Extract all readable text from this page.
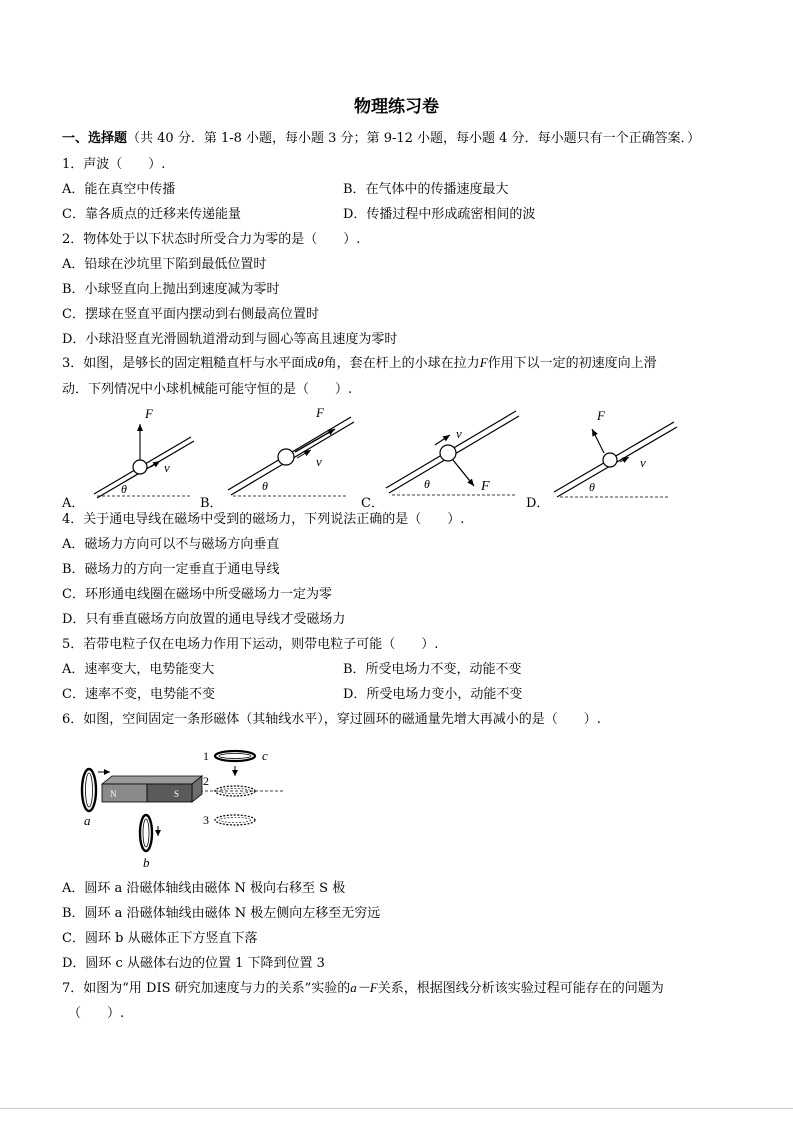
物理练习卷
一、选择题（共 40 分．第 1-8 小题，每小题 3 分；第 9-12 小题，每小题 4 分．每小题只有一个正确答案．）
1．声波（　　）.
A．能在真空中传播	B．在气体中的传播速度最大
C．靠各质点的迁移来传递能量	D．传播过程中形成疏密相间的波
2．物体处于以下状态时所受合力为零的是（　　）.
A．铅球在沙坑里下陷到最低位置时
B．小球竖直向上抛出到速度减为零时
C．摆球在竖直平面内摆动到右侧最高位置时
D．小球沿竖直光滑圆轨道滑动到与圆心等高且速度为零时
3．如图，是够长的固定粗糙直杆与水平面成θ角，套在杆上的小球在拉力F作用下以一定的初速度向上滑
动．下列情况中小球机械能可能守恒的是（　　）.
A．	B．	C．	D．
F
v
θ
F
v
θ
v
F
θ
F
v
θ
4．关于通电导线在磁场中受到的磁场力，下列说法正确的是（　　）.
A．磁场力方向可以不与磁场方向垂直
B．磁场力的方向一定垂直于通电导线
C．环形通电线圈在磁场中所受磁场力一定为零
D．只有垂直磁场方向放置的通电导线才受磁场力
5．若带电粒子仅在电场力作用下运动，则带电粒子可能（　　）.
A．速率变大，电势能变大	B．所受电场力不变，动能不变
C．速率不变，电势能不变	D．所受电场力变小，动能不变
6．如图，空间固定一条形磁体（其轴线水平），穿过圆环的磁通量先增大再减小的是（　　）.
N	S
a
b
1	c
2
3
A．圆环 a 沿磁体轴线由磁体 N 极向右移至 S 极
B．圆环 a 沿磁体轴线由磁体 N 极左侧向左移至无穷远
C．圆环 b 从磁体正下方竖直下落
D．圆环 c 从磁体右边的位置 1 下降到位置 3
7．如图为“用 DIS 研究加速度与力的关系”实验的a－F关系，根据图线分析该实验过程可能存在的问题为
（　　）.
